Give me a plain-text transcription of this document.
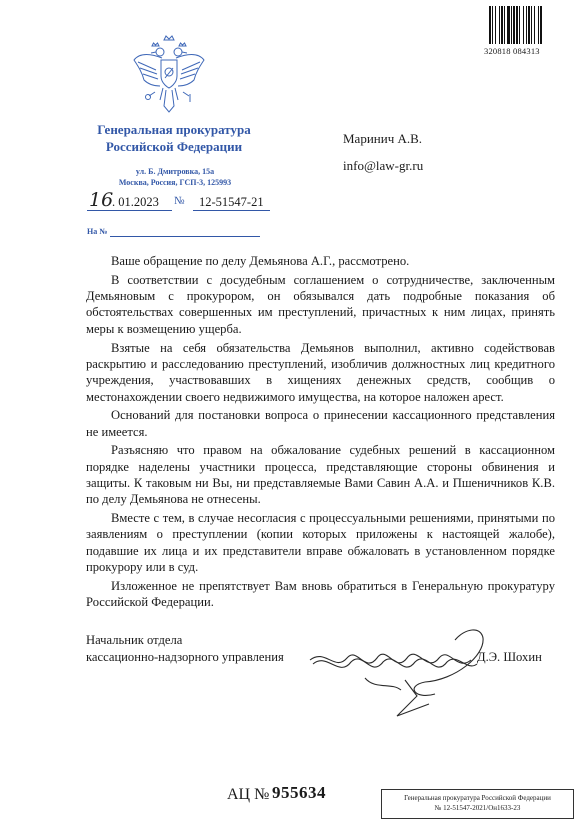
320818 084313
Генеральная прокуратура
Российской Федерации
ул. Б. Дмитровка, 15а
Москва, Россия, ГСП-3, 125993
16
. 01.2023 № 12-51547-21
На №
Маринич А.В.
info@law-gr.ru

Ваше обращение по делу Демьянова А.Г., рассмотрено.

В соответствии с досудебным соглашением о сотрудничестве, заключенным Демьяновым с прокурором, он обязывался дать подробные показания об обстоятельствах совершенных им преступлений, причастных к ним лицах, принять меры к возмещению ущерба.

Взятые на себя обязательства Демьянов выполнил, активно содействовав раскрытию и расследованию преступлений, изобличив должностных лиц кредитного учреждения, участвовавших в хищениях денежных средств, сообщив о местонахождении своего недвижимого имущества, на которое наложен арест.

Оснований для постановки вопроса о принесении кассационного представления не имеется.

Разъясняю что правом на обжалование судебных решений в кассационном порядке наделены участники процесса, представляющие стороны обвинения и защиты. К таковым ни Вы, ни представляемые Вами Савин А.А. и Пшеничников К.В. по делу Демьянова не отнесены.

Вместе с тем, в случае несогласия с процессуальными решениями, принятыми по заявлениям о преступлении (копии которых приложены к настоящей жалобе), подавшие их лица и их представители вправе обжаловать в установленном порядке прокурору или в суд.

Изложенное не препятствует Вам вновь обратиться в Генеральную прокуратуру Российской Федерации.

Начальник отдела
кассационно-надзорного управления	Д.Э. Шохин
АЦ № 955634	Генеральная прокуратура Российской Федерации
№ 12-51547-2021/Он1633-23
